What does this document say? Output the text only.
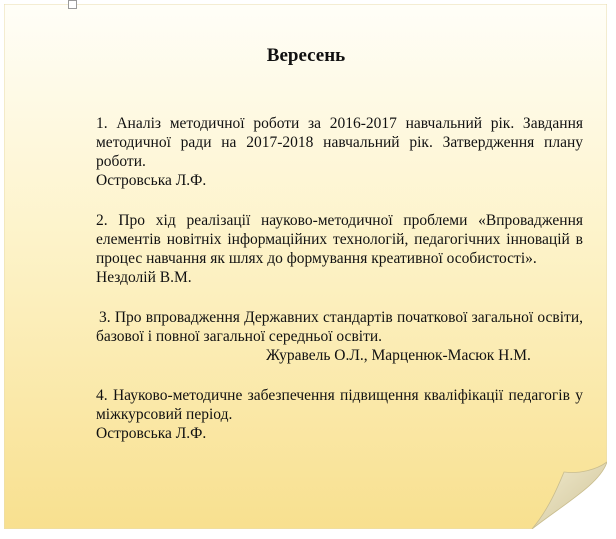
Вересень

1. Аналіз методичної роботи за 2016-2017 навчальний рік. Завдання методичної ради на 2017-2018 навчальний рік. Затвердження плану роботи.

Островська Л.Ф.

2. Про хід реалізації науково-методичної проблеми «Впровадження елементів новітніх інформаційних технологій, педагогічних інновацій в процес навчання як шлях до формування креативної особистості».

Нездолій В.М.

3. Про впровадження Державних стандартів початкової загальної освіти, базової і повної загальної середньої освіти.

Журавель О.Л., Марценюк-Масюк Н.М.

4. Науково-методичне забезпечення підвищення кваліфікації педагогів у міжкурсовий період.

Островська Л.Ф.
